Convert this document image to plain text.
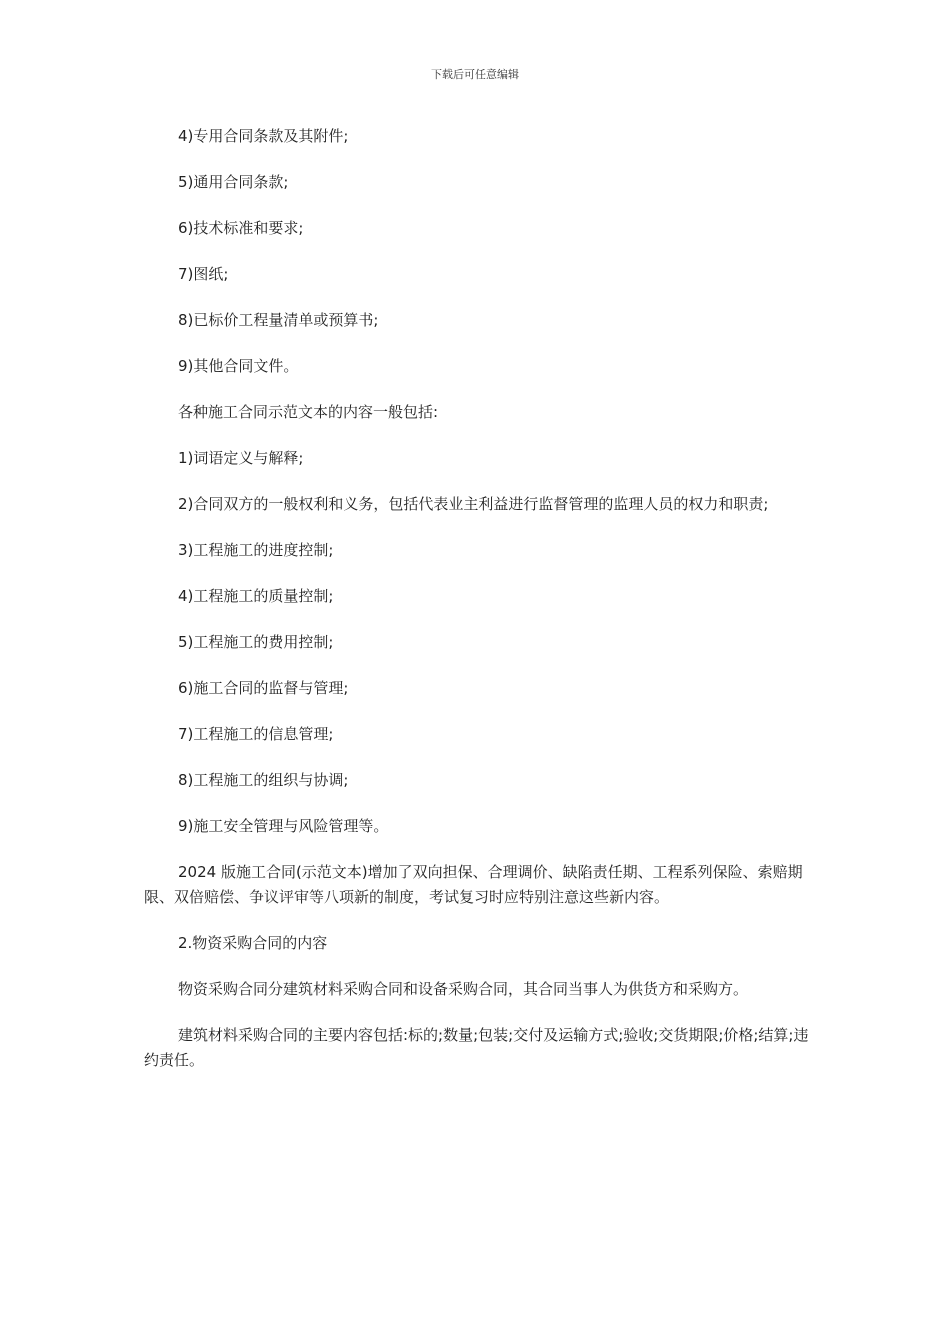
下载后可任意编辑

4)专用合同条款及其附件;

5)通用合同条款;

6)技术标准和要求;

7)图纸;

8)已标价工程量清单或预算书;

9)其他合同文件。

各种施工合同示范文本的内容一般包括:

1)词语定义与解释;

2)合同双方的一般权利和义务，包括代表业主利益进行监督管理的监理人员的权力和职责;

3)工程施工的进度控制;

4)工程施工的质量控制;

5)工程施工的费用控制;

6)施工合同的监督与管理;

7)工程施工的信息管理;

8)工程施工的组织与协调;

9)施工安全管理与风险管理等。

2024 版施工合同(示范文本)增加了双向担保、合理调价、缺陷责任期、工程系列保险、索赔期限、双倍赔偿、争议评审等八项新的制度，考试复习时应特别注意这些新内容。

2.物资采购合同的内容

物资采购合同分建筑材料采购合同和设备采购合同，其合同当事人为供货方和采购方。

建筑材料采购合同的主要内容包括:标的;数量;包装;交付及运输方式;验收;交货期限;价格;结算;违约责任。
